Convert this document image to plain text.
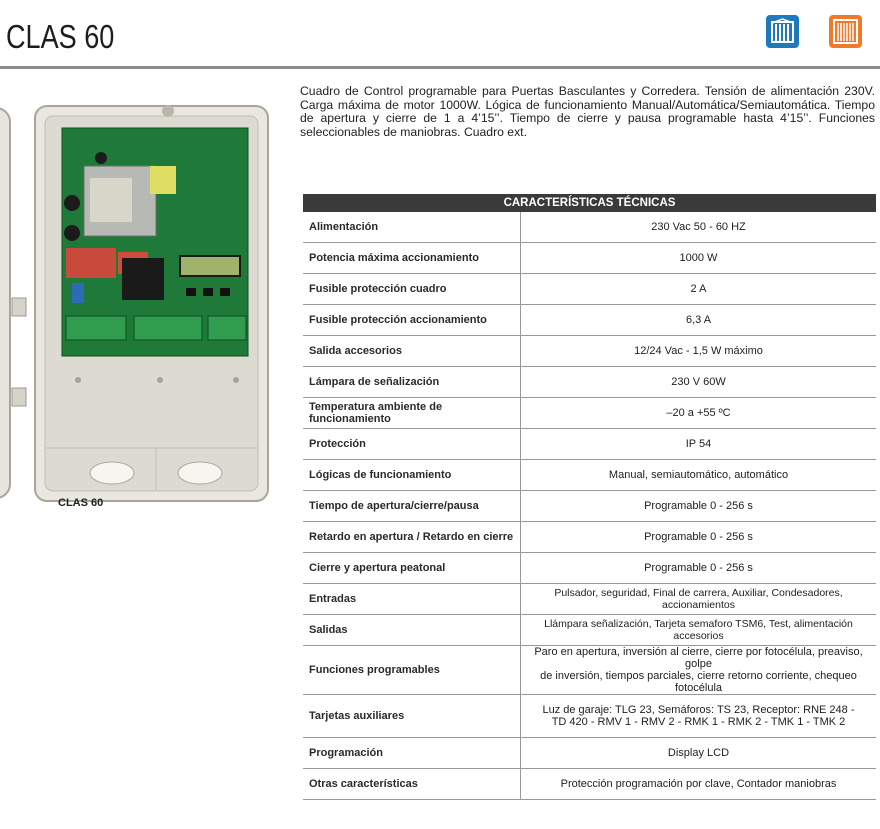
CLAS 60
Cuadro de Control programable para Puertas Basculantes y Corredera. Tensión de alimentación 230V. Carga máxima de motor 1000W. Lógica de funcionamiento Manual/Automática/Semiautomática. Tiempo de apertura y cierre de 1 a 4’15’’. Tiempo de cierre y pausa programable hasta 4’15’’. Funciones seleccionables de maniobras. Cuadro ext.
CLAS 60
CARACTERÍSTICAS TÉCNICAS	
Alimentación	230 Vac 50 - 60 HZ
Potencia máxima accionamiento	1000 W
Fusible protección cuadro	2 A
Fusible protección accionamiento	6,3 A
Salida accesorios	12/24 Vac - 1,5 W máximo
Lámpara de señalización	230 V 60W
Temperatura ambiente de funcionamiento	–20 a +55 ºC
Protección	IP 54
Lógicas de funcionamiento	Manual, semiautomático, automático
Tiempo de apertura/cierre/pausa	Programable 0 - 256 s
Retardo en apertura / Retardo en cierre	Programable 0 - 256 s
Cierre y apertura peatonal	Programable 0 - 256 s
Entradas	Pulsador, seguridad, Final de carrera, Auxiliar, Condesadores, accionamientos
Salidas	Llámpara señalización, Tarjeta semaforo TSM6, Test, alimentación accesorios
Funciones programables	Paro en apertura, inversión al cierre, cierre por fotocélula, preaviso, golpe
de inversión, tiempos parciales, cierre retorno corriente, chequeo fotocélula

Tarjetas auxiliares	Luz de garaje: TLG 23, Semáforos: TS 23, Receptor: RNE 248 -
TD 420 - RMV 1 - RMV 2 - RMK 1 - RMK 2 - TMK 1 - TMK 2

Programación	Display LCD
Otras características	Protección programación por clave, Contador maniobras
